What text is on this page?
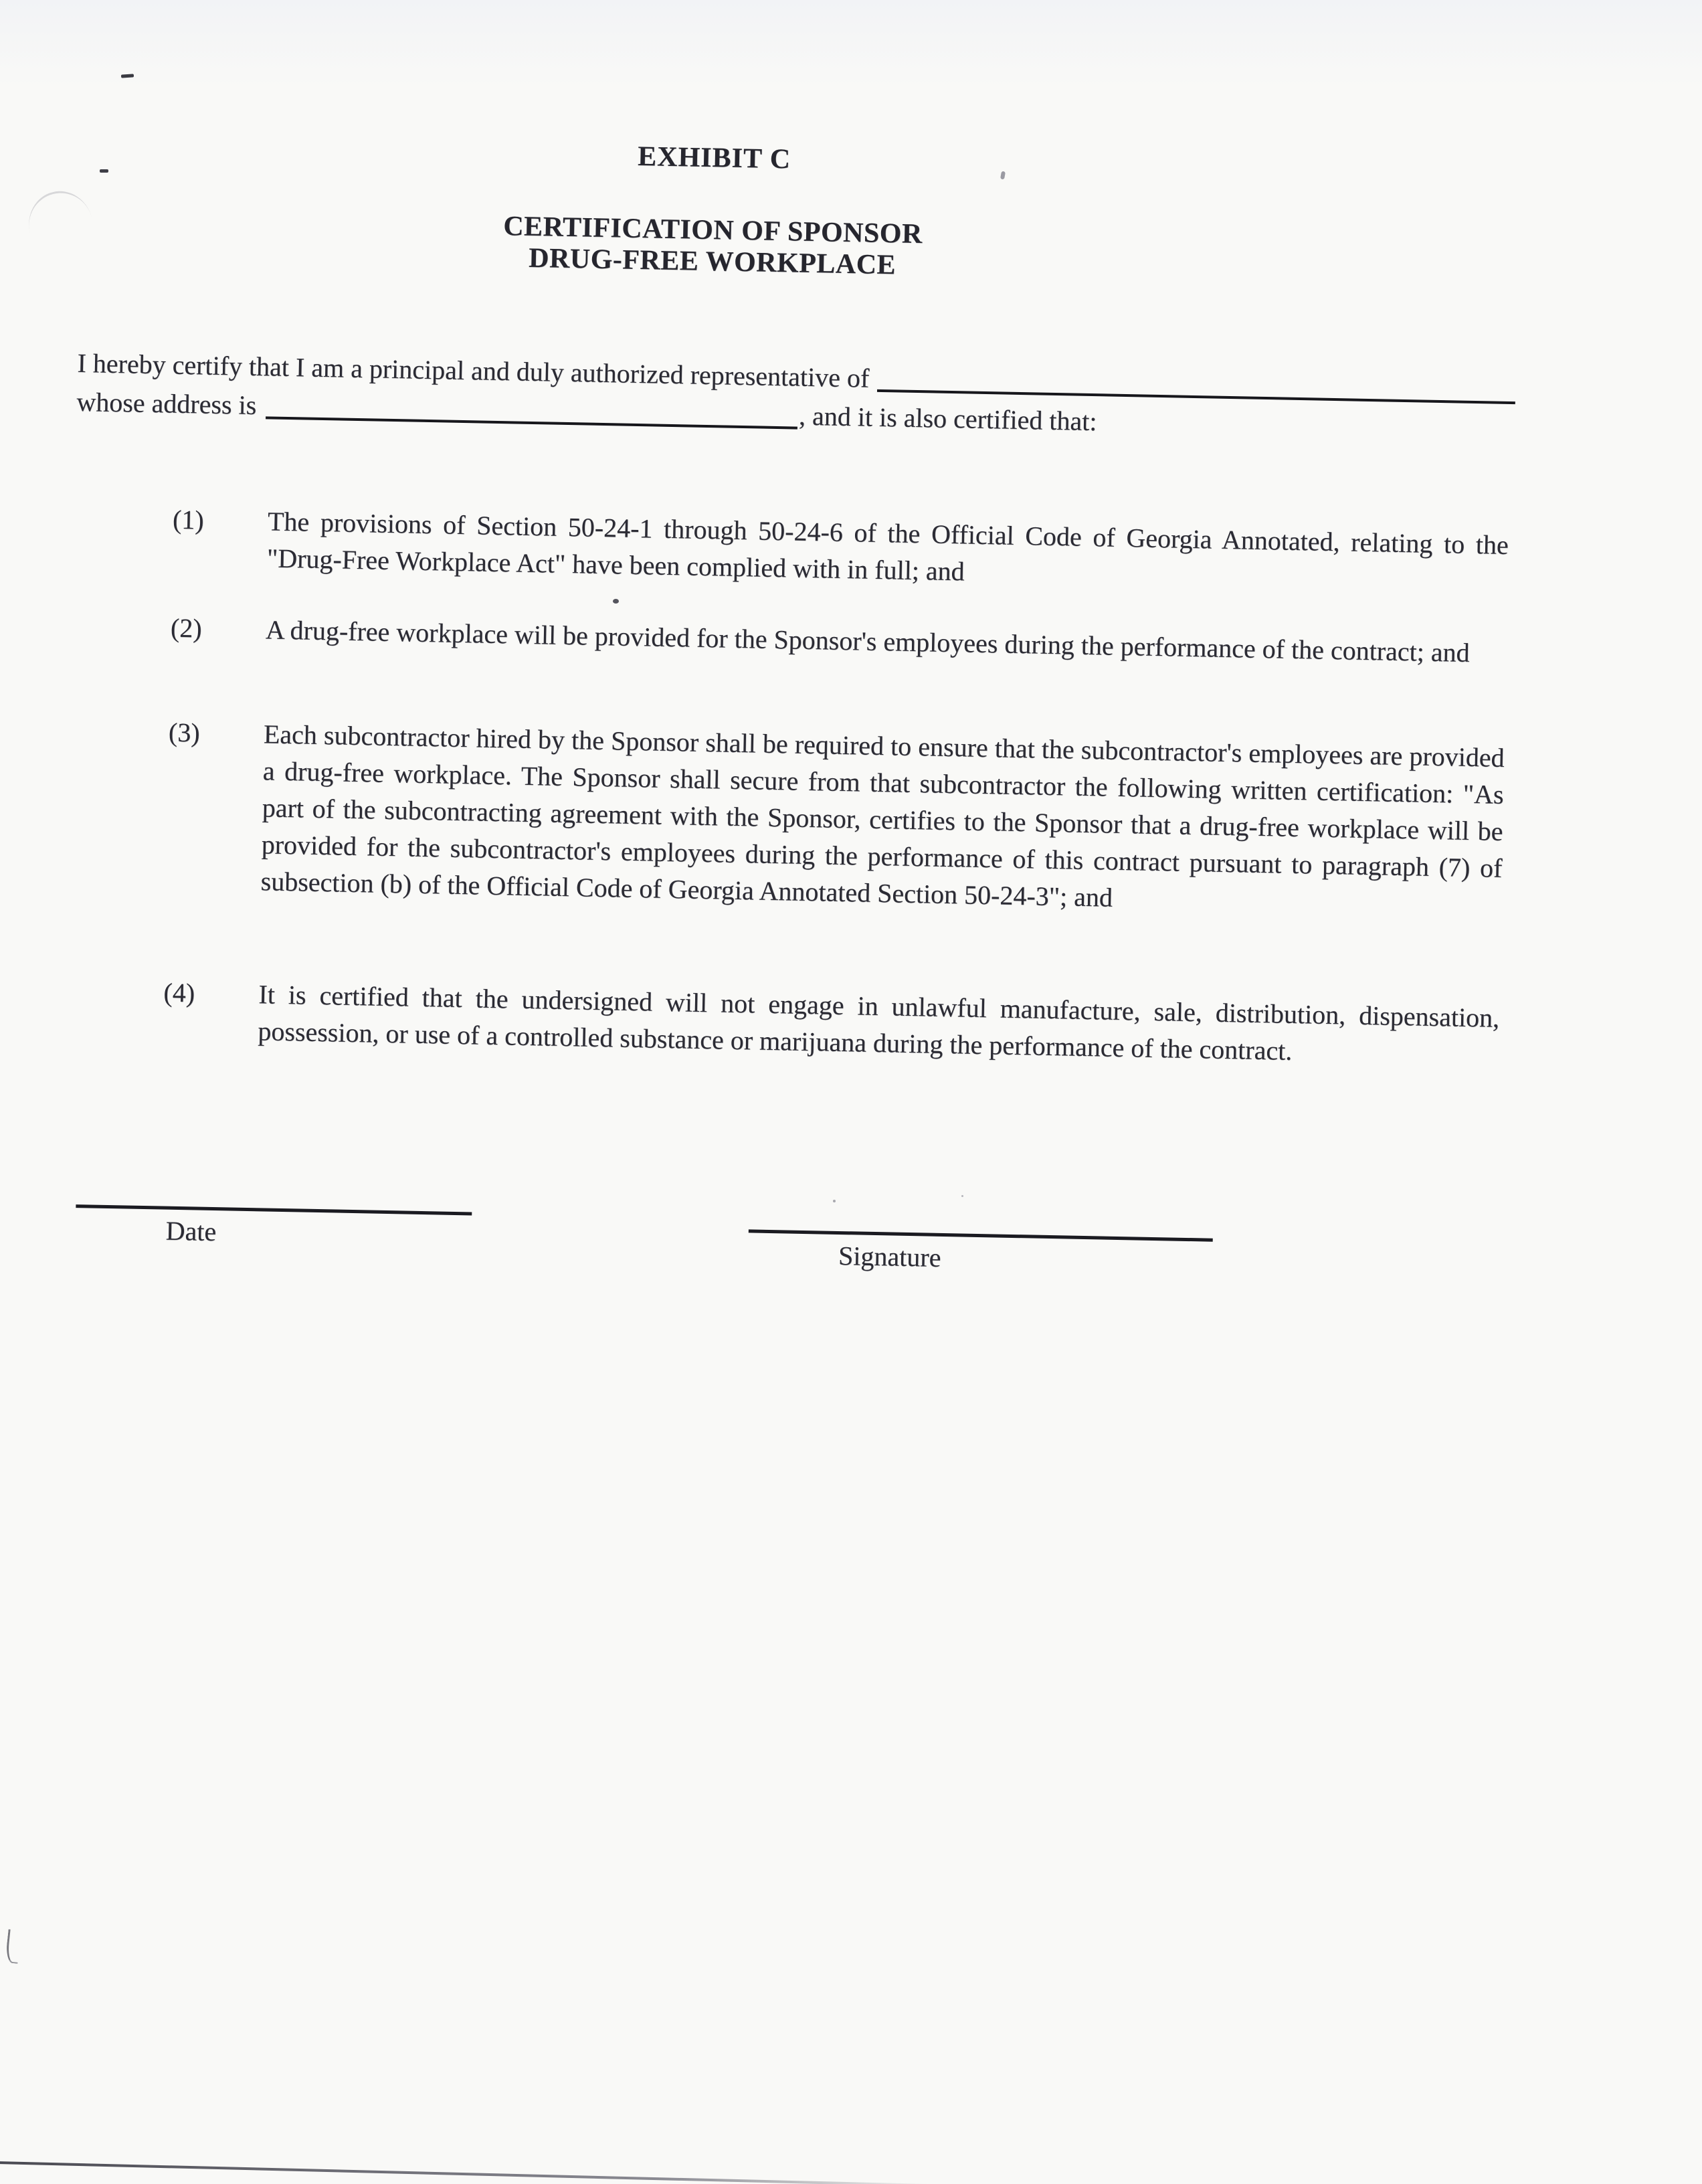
EXHIBIT C
CERTIFICATION OF SPONSOR
DRUG-FREE WORKPLACE
I hereby certify that I am a principal and duly authorized representative of
whose address is	, and it is also certified that:
(1)	The provisions of Section 50-24-1 through 50-24-6 of the Official Code of Georgia Annotated, relating to the "Drug-Free Workplace Act" have been complied with in full; and
(2)	A drug-free workplace will be provided for the Sponsor's employees during the performance of the contract; and
(3)	Each subcontractor hired by the Sponsor shall be required to ensure that the subcontractor's employees are provided a drug-free workplace. The Sponsor shall secure from that subcontractor the following written certification: "As part of the subcontracting agreement with the Sponsor, certifies to the Sponsor that a drug-free workplace will be provided for the subcontractor's employees during the performance of this contract pursuant to paragraph (7) of subsection (b) of the Official Code of Georgia Annotated Section 50-24-3"; and
(4)	It is certified that the undersigned will not engage in unlawful manufacture, sale, distribution, dispensation, possession, or use of a controlled substance or marijuana during the performance of the contract.
Date
Signature
